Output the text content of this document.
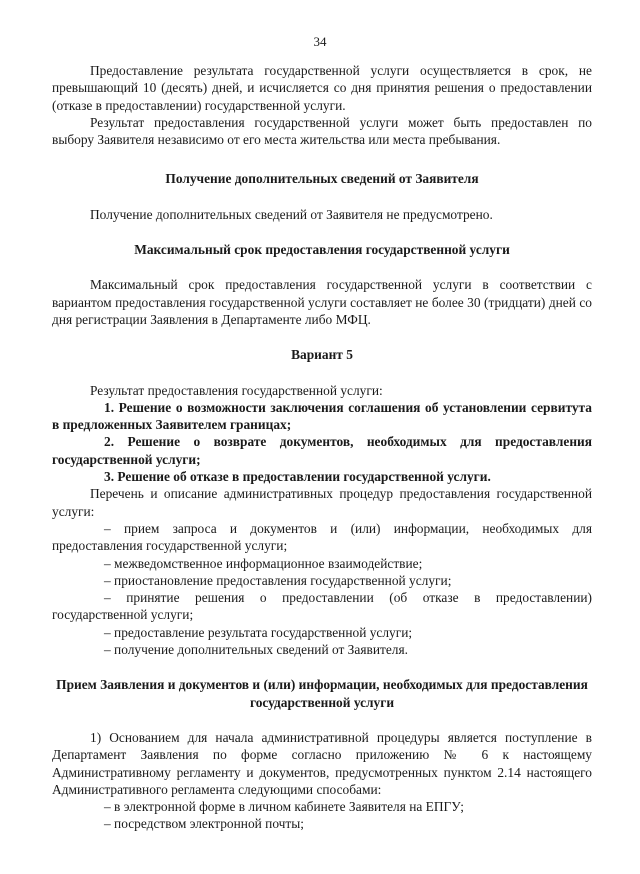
34

Предоставление результата государственной услуги осуществляется в срок, не превышающий 10 (десять) дней, и исчисляется со дня принятия решения о предоставлении (отказе в предоставлении) государственной услуги.

Результат предоставления государственной услуги может быть предоставлен по выбору Заявителя независимо от его места жительства или места пребывания.

Получение дополнительных сведений от Заявителя

Получение дополнительных сведений от Заявителя не предусмотрено.

Максимальный срок предоставления государственной услуги

Максимальный срок предоставления государственной услуги в соответствии с вариантом предоставления государственной услуги составляет не более 30 (тридцати) дней со дня регистрации Заявления в Департаменте либо МФЦ.

Вариант 5

Результат предоставления государственной услуги:

1. Решение о возможности заключения соглашения об установлении сервитута в предложенных Заявителем границах;

2. Решение о возврате документов, необходимых для предоставления государственной услуги;

3. Решение об отказе в предоставлении государственной услуги.

Перечень и описание административных процедур предоставления государственной услуги:

– прием запроса и документов и (или) информации, необходимых для предоставления государственной услуги;

– межведомственное информационное взаимодействие;

– приостановление предоставления государственной услуги;

– принятие решения о предоставлении (об отказе в предоставлении) государственной услуги;

– предоставление результата государственной услуги;

– получение дополнительных сведений от Заявителя.

Прием Заявления и документов и (или) информации, необходимых для предоставления государственной услуги

1) Основанием для начала административной процедуры является поступление в Департамент Заявления по форме согласно приложению № 6 к настоящему Административному регламенту и документов, предусмотренных пунктом 2.14 настоящего Административного регламента следующими способами:

– в электронной форме в личном кабинете Заявителя на ЕПГУ;

– посредством электронной почты;
